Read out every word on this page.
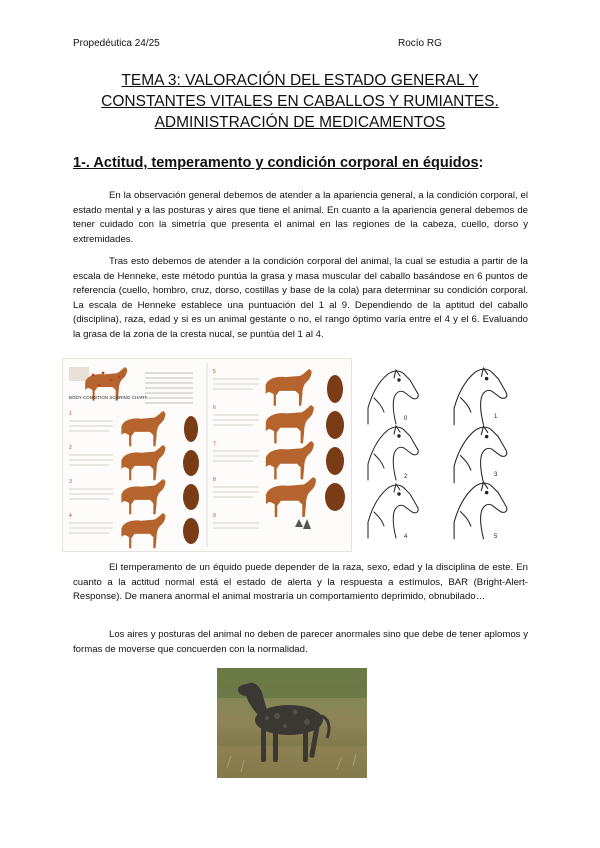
Propedéutica 24/25	Rocío RG
TEMA 3: VALORACIÓN DEL ESTADO GENERAL Y
CONSTANTES VITALES EN CABALLOS Y RUMIANTES.
ADMINISTRACIÓN DE MEDICAMENTOS
1-. Actitud, temperamento y condición corporal en équidos:

En la observación general debemos de atender a la apariencia general, a la condición corporal, el estado mental y a las posturas y aires que tiene el animal. En cuanto a la apariencia general debemos de tener cuidado con la simetría que presenta el animal en las regiones de la cabeza, cuello, dorso y extremidades.

Tras esto debemos de atender a la condición corporal del animal, la cual se estudia a partir de la escala de Henneke, este método puntúa la grasa y masa muscular del caballo basándose en 6 puntos de referencia (cuello, hombro, cruz, dorso, costillas y base de la cola) para determinar su condición corporal. La escala de Henneke establece una puntuación del 1 al 9. Dependiendo de la aptitud del caballo (disciplina), raza, edad y si es un animal gestante o no, el rango óptimo varía entre el 4 y el 6. Evaluando la grasa de la zona de la cresta nucal, se puntúa del 1 al 4.

1
2
3
4
5
6
7
8
9
BODY CONDITION SCORING CHART
0	1
2	3
4	5

El temperamento de un équido puede depender de la raza, sexo, edad y la disciplina de este. En cuanto a la actitud normal está el estado de alerta y la respuesta a estímulos, BAR (Bright-Alert-Response). De manera anormal el animal mostraría un comportamiento deprimido, obnubilado…

Los aires y posturas del animal no deben de parecer anormales sino que debe de tener aplomos y formas de moverse que concuerden con la normalidad.
